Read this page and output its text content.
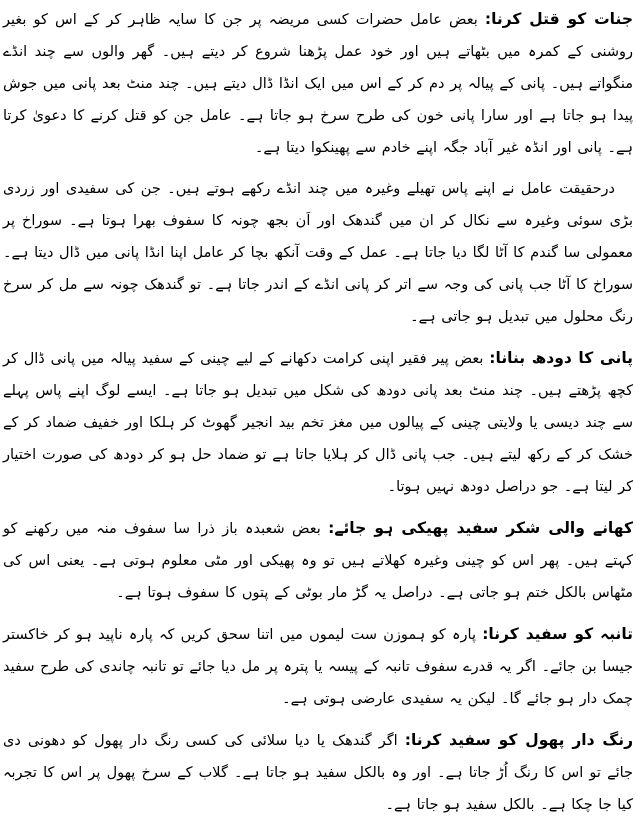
جنات کو قتل کرنا: بعض عامل حضرات کسی مریضہ پر جن کا سایہ ظاہر کر کے اس کو بغیر روشنی کے کمرہ میں بٹھاتے ہیں اور خود عمل پڑھنا شروع کر دیتے ہیں۔ گھر والوں سے چند انڈے منگواتے ہیں۔ پانی کے پیالہ پر دم کر کے اس میں ایک انڈا ڈال دیتے ہیں۔ چند منٹ بعد پانی میں جوش پیدا ہو جاتا ہے اور سارا پانی خون کی طرح سرخ ہو جاتا ہے۔ عامل جن کو قتل کرنے کا دعویٰ کرتا ہے۔ پانی اور انڈہ غیر آباد جگہ اپنے خادم سے پھینکوا دیتا ہے۔

درحقیقت عامل نے اپنے پاس تھیلے وغیرہ میں چند انڈے رکھے ہوتے ہیں۔ جن کی سفیدی اور زردی بڑی سوئی وغیرہ سے نکال کر ان میں گندھک اور اَن بجھ چونہ کا سفوف بھرا ہوتا ہے۔ سوراخ پر معمولی سا گندم کا آٹا لگا دیا جاتا ہے۔ عمل کے وقت آنکھ بچا کر عامل اپنا انڈا پانی میں ڈال دیتا ہے۔ سوراخ کا آٹا جب پانی کی وجہ سے اتر کر پانی انڈے کے اندر جاتا ہے۔ تو گندھک چونہ سے مل کر سرخ رنگ محلول میں تبدیل ہو جاتی ہے۔

پانی کا دودھ بنانا: بعض پیر فقیر اپنی کرامت دکھانے کے لیے چینی کے سفید پیالہ میں پانی ڈال کر کچھ پڑھتے ہیں۔ چند منٹ بعد پانی دودھ کی شکل میں تبدیل ہو جاتا ہے۔ ایسے لوگ اپنے پاس پہلے سے چند دیسی یا ولایتی چینی کے پیالوں میں مغز تخم بید انجیر گھوٹ کر ہلکا اور خفیف ضماد کر کے خشک کر کے رکھ لیتے ہیں۔ جب پانی ڈال کر ہلایا جاتا ہے تو ضماد حل ہو کر دودھ کی صورت اختیار کر لیتا ہے۔ جو دراصل دودھ نہیں ہوتا۔

کھانے والی شکر سفید پھیکی ہو جائے: بعض شعبدہ باز ذرا سا سفوف منہ میں رکھنے کو کہتے ہیں۔ پھر اس کو چینی وغیرہ کھلاتے ہیں تو وہ پھیکی اور مٹی معلوم ہوتی ہے۔ یعنی اس کی مٹھاس بالکل ختم ہو جاتی ہے۔ دراصل یہ گڑ مار بوٹی کے پتوں کا سفوف ہوتا ہے۔

تانبہ کو سفید کرنا: پارہ کو ہموزن ست لیموں میں اتنا سحق کریں کہ پارہ ناپید ہو کر خاکستر جیسا بن جائے۔ اگر یہ قدرے سفوف تانبہ کے پیسہ یا پترہ پر مل دیا جائے تو تانبہ چاندی کی طرح سفید چمک دار ہو جائے گا۔ لیکن یہ سفیدی عارضی ہوتی ہے۔

رنگ دار پھول کو سفید کرنا: اگر گندھک یا دیا سلائی کی کسی رنگ دار پھول کو دھونی دی جائے تو اس کا رنگ اُڑ جاتا ہے۔ اور وہ بالکل سفید ہو جاتا ہے۔ گلاب کے سرخ پھول پر اس کا تجربہ کیا جا چکا ہے۔ بالکل سفید ہو جاتا ہے۔
